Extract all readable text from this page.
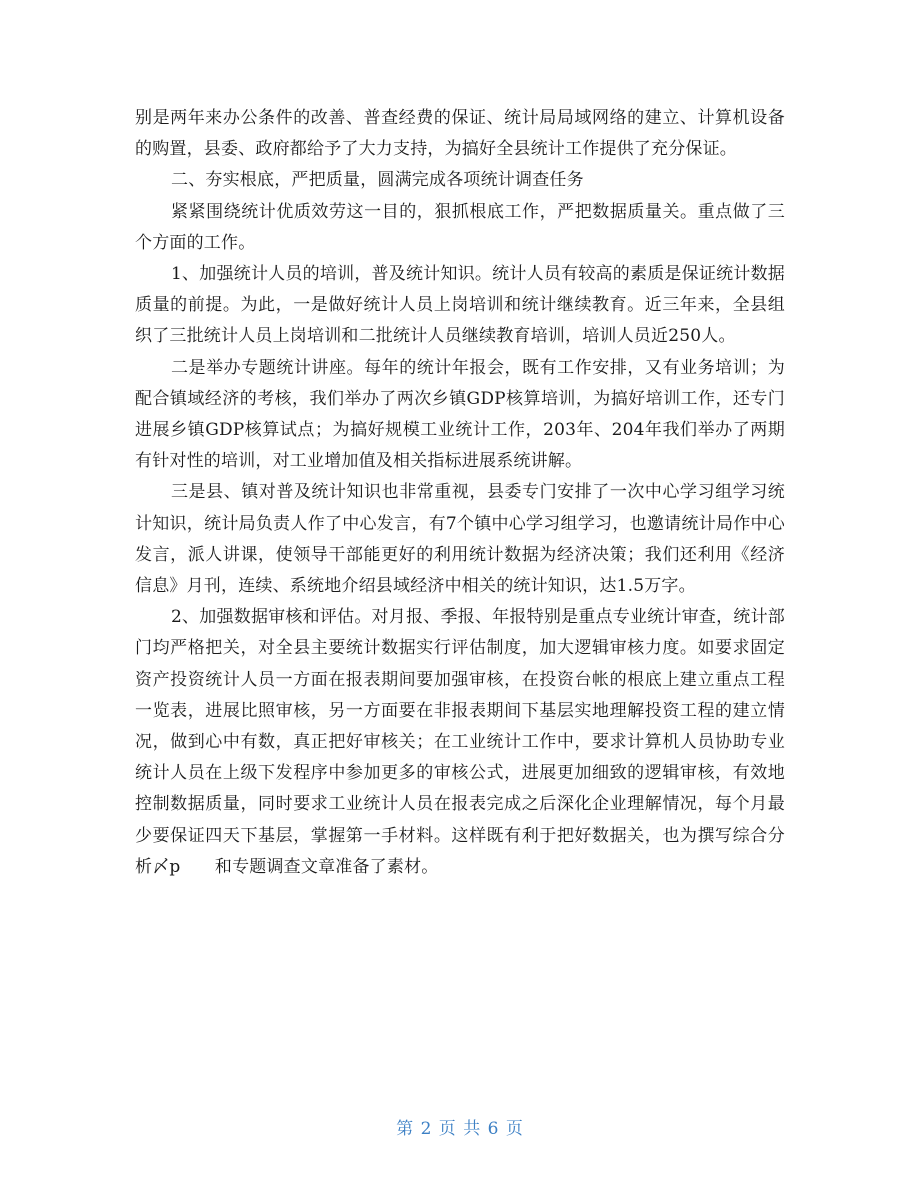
别是两年来办公条件的改善、普查经费的保证、统计局局域网络的建立、计算机设备的购置，县委、政府都给予了大力支持，为搞好全县统计工作提供了充分保证。

二、夯实根底，严把质量，圆满完成各项统计调查任务

紧紧围绕统计优质效劳这一目的，狠抓根底工作，严把数据质量关。重点做了三个方面的工作。

1、加强统计人员的培训，普及统计知识。统计人员有较高的素质是保证统计数据质量的前提。为此，一是做好统计人员上岗培训和统计继续教育。近三年来，全县组织了三批统计人员上岗培训和二批统计人员继续教育培训，培训人员近250人。

二是举办专题统计讲座。每年的统计年报会，既有工作安排，又有业务培训；为配合镇域经济的考核，我们举办了两次乡镇GDP核算培训，为搞好培训工作，还专门进展乡镇GDP核算试点；为搞好规模工业统计工作，203年、204年我们举办了两期有针对性的培训，对工业增加值及相关指标进展系统讲解。

三是县、镇对普及统计知识也非常重视，县委专门安排了一次中心学习组学习统计知识，统计局负责人作了中心发言，有7个镇中心学习组学习，也邀请统计局作中心发言，派人讲课，使领导干部能更好的利用统计数据为经济决策；我们还利用《经济信息》月刊，连续、系统地介绍县域经济中相关的统计知识，达1.5万字。

2、加强数据审核和评估。对月报、季报、年报特别是重点专业统计审查，统计部门均严格把关，对全县主要统计数据实行评估制度，加大逻辑审核力度。如要求固定资产投资统计人员一方面在报表期间要加强审核，在投资台帐的根底上建立重点工程一览表，进展比照审核，另一方面要在非报表期间下基层实地理解投资工程的建立情况，做到心中有数，真正把好审核关；在工业统计工作中，要求计算机人员协助专业统计人员在上级下发程序中参加更多的审核公式，进展更加细致的逻辑审核，有效地控制数据质量，同时要求工业统计人员在报表完成之后深化企业理解情况，每个月最少要保证四天下基层，掌握第一手材料。这样既有利于把好数据关，也为撰写综合分析〆p　　和专题调查文章准备了素材。

第 2 页 共 6 页
